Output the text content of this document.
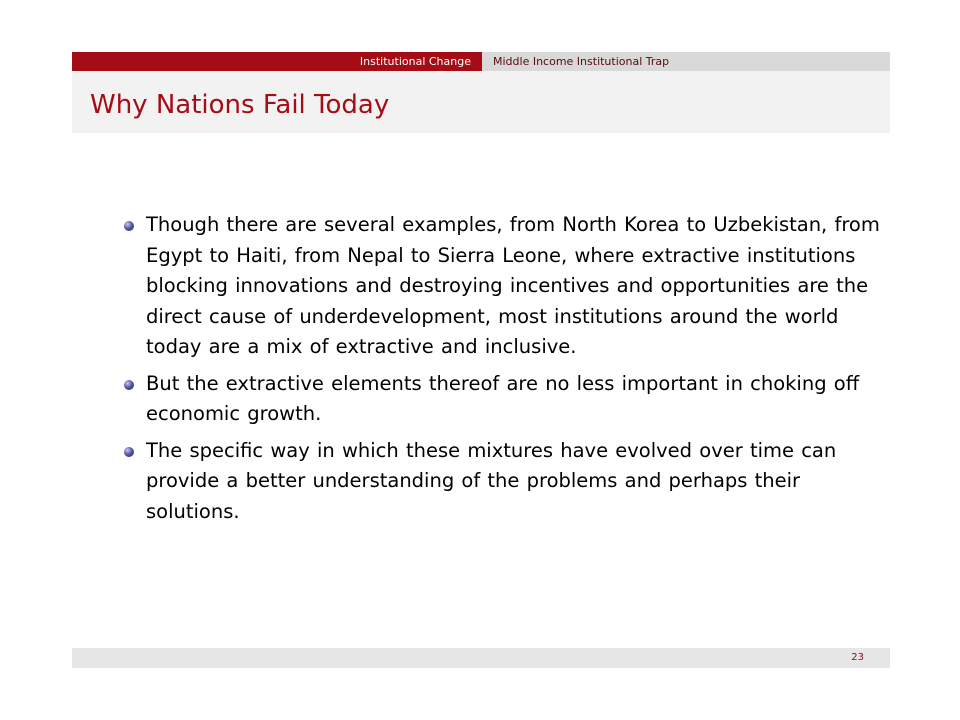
Institutional Change	Middle Income Institutional Trap
Why Nations Fail Today
Though there are several examples, from North Korea to Uzbekistan, from Egypt to Haiti, from Nepal to Sierra Leone, where extractive institutions blocking innovations and destroying incentives and opportunities are the direct cause of underdevelopment, most institutions around the world today are a mix of extractive and inclusive.
But the extractive elements thereof are no less important in choking off economic growth.
The specific way in which these mixtures have evolved over time can provide a better understanding of the problems and perhaps their solutions.
23
